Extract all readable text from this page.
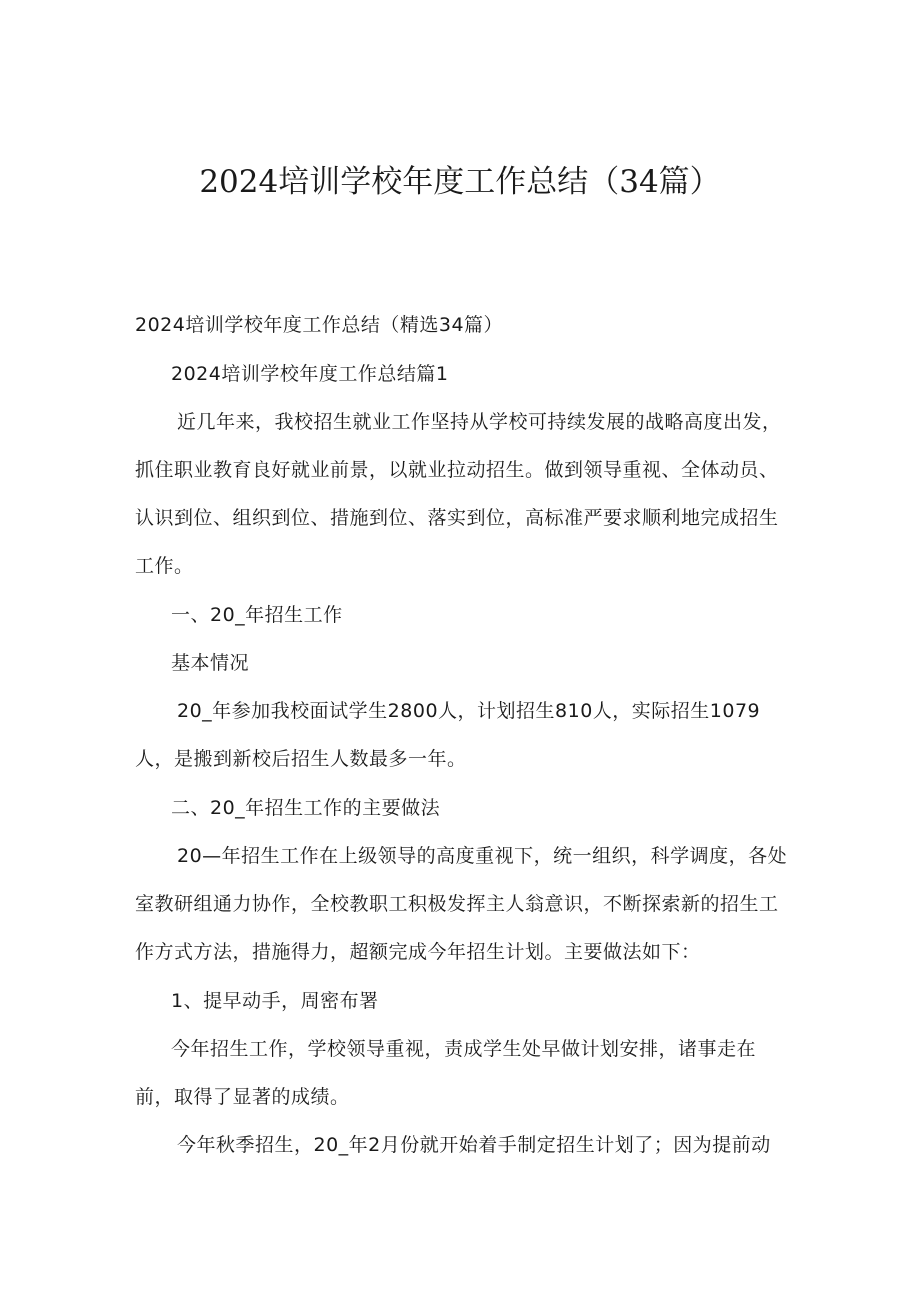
2024培训学校年度工作总结（34篇）
2024培训学校年度工作总结（精选34篇）
2024培训学校年度工作总结篇1
近几年来，我校招生就业工作坚持从学校可持续发展的战略高度出发，
抓住职业教育良好就业前景，以就业拉动招生。做到领导重视、全体动员、
认识到位、组织到位、措施到位、落实到位，高标准严要求顺利地完成招生
工作。
一、20_年招生工作
基本情况
20_年参加我校面试学生2800人，计划招生810人，实际招生1079
人，是搬到新校后招生人数最多一年。
二、20_年招生工作的主要做法
20—年招生工作在上级领导的高度重视下，统一组织，科学调度，各处
室教研组通力协作，全校教职工积极发挥主人翁意识，不断探索新的招生工
作方式方法，措施得力，超额完成今年招生计划。主要做法如下：
1、提早动手，周密布署
今年招生工作，学校领导重视，责成学生处早做计划安排，诸事走在
前，取得了显著的成绩。
今年秋季招生，20_年2月份就开始着手制定招生计划了；因为提前动
